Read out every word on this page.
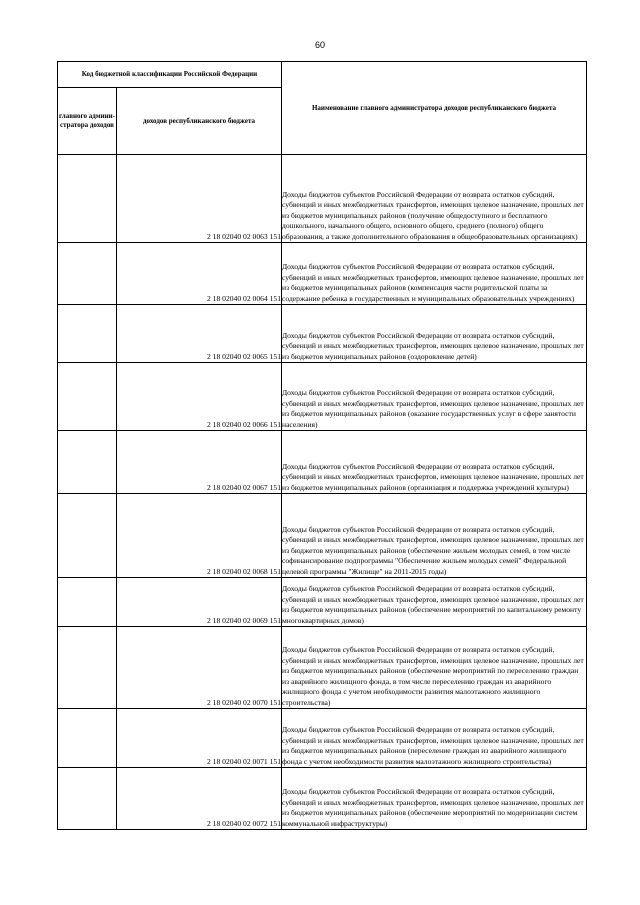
60
Код бюджетной классификации Российской Федерации		Наименование главного администратора доходов республиканского бюджета
главного админи-стратора доходов	доходов республиканского бюджета	
	2 18 02040 02 0063 151	Доходы бюджетов субъектов Российской Федерации от возврата остатков субсидий, субвенций и иных межбюджетных трансфертов, имеющих целевое назначение, прошлых лет из бюджетов муниципальных районов (получение общедоступного и бесплатного дошкольного, начального общего, основного общего, среднего (полного) общего образования, а также дополнительного образования в общеобразовательных организациях)
	2 18 02040 02 0064 151	Доходы бюджетов субъектов Российской Федерации от возврата остатков субсидий, субвенций и иных межбюджетных трансфертов, имеющих целевое назначение, прошлых лет из бюджетов муниципальных районов (компенсация части родительской платы за содержание ребенка в государственных и муниципальных образовательных учреждениях)
	2 18 02040 02 0065 151	Доходы бюджетов субъектов Российской Федерации от возврата остатков субсидий, субвенций и иных межбюджетных трансфертов, имеющих целевое назначение, прошлых лет из бюджетов муниципальных районов (оздоровление детей)
	2 18 02040 02 0066 151	Доходы бюджетов субъектов Российской Федерации от возврата остатков субсидий, субвенций и иных межбюджетных трансфертов, имеющих целевое назначение, прошлых лет из бюджетов муниципальных районов (оказание государственных услуг в сфере занятости населения)
	2 18 02040 02 0067 151	Доходы бюджетов субъектов Российской Федерации от возврата остатков субсидий, субвенций и иных межбюджетных трансфертов, имеющих целевое назначение, прошлых лет из бюджетов муниципальных районов (организация и поддержка учреждений культуры)
	2 18 02040 02 0068 151	Доходы бюджетов субъектов Российской Федерации от возврата остатков субсидий, субвенций и иных межбюджетных трансфертов, имеющих целевое назначение, прошлых лет из бюджетов муниципальных районов (обеспечение жильем молодых семей, в том числе софинансирование подпрограммы "Обеспечение жильем молодых семей" Федеральной целевой программы "Жилище" на 2011-2015 годы)
	2 18 02040 02 0069 151	Доходы бюджетов субъектов Российской Федерации от возврата остатков субсидий, субвенций и иных межбюджетных трансфертов, имеющих целевое назначение, прошлых лет из бюджетов муниципальных районов (обеспечение мероприятий по капитальному ремонту многоквартирных домов)
	2 18 02040 02 0070 151	Доходы бюджетов субъектов Российской Федерации от возврата остатков субсидий, субвенций и иных межбюджетных трансфертов, имеющих целевое назначение, прошлых лет из бюджетов муниципальных районов (обеспечение мероприятий по переселению граждан из аварийного жилищного фонда, в том числе переселению граждан из аварийного жилищного фонда с учетом необходимости развития малоэтажного жилищного строительства)
	2 18 02040 02 0071 151	Доходы бюджетов субъектов Российской Федерации от возврата остатков субсидий, субвенций и иных межбюджетных трансфертов, имеющих целевое назначение, прошлых лет из бюджетов муниципальных районов (переселение граждан из аварийного жилищного фонда с учетом необходимости развития малоэтажного жилищного строительства)
	2 18 02040 02 0072 151	Доходы бюджетов субъектов Российской Федерации от возврата остатков субсидий, субвенций и иных межбюджетных трансфертов, имеющих целевое назначение, прошлых лет из бюджетов муниципальных районов (обеспечение мероприятий по модернизации систем коммунальной инфраструктуры)
